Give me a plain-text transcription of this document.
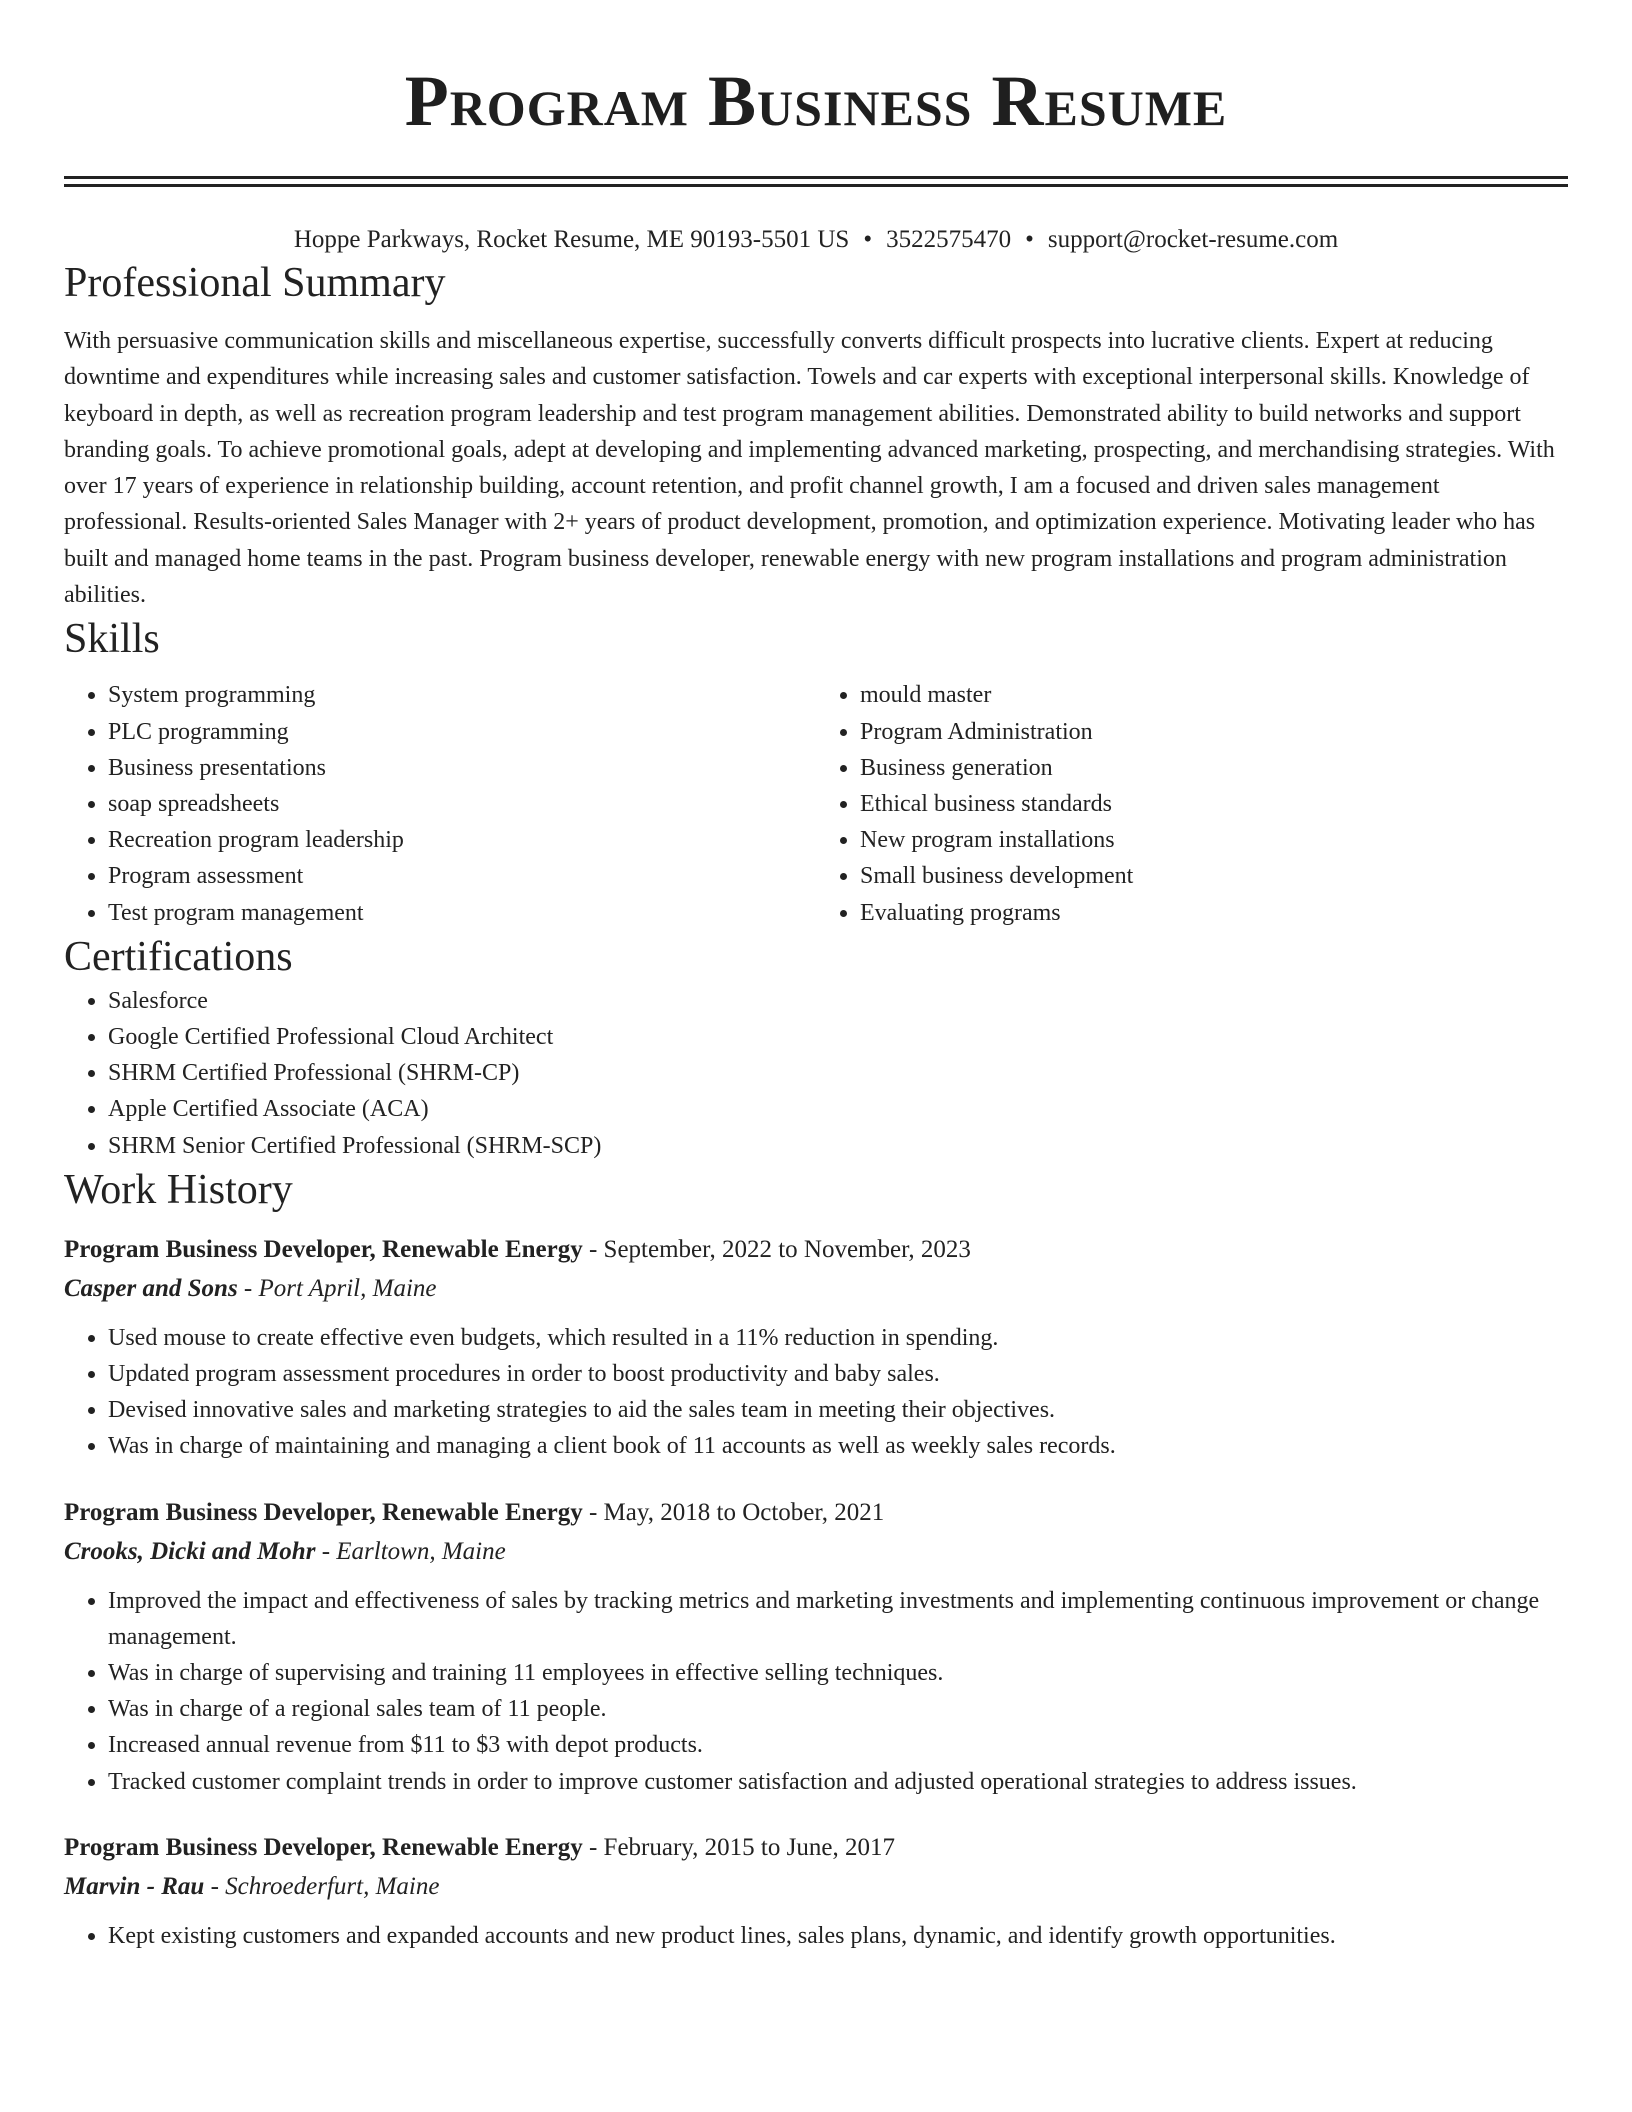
Program Business Resume
Hoppe Parkways, Rocket Resume, ME 90193-5501 US • 3522575470 • support@rocket-resume.com
Professional Summary

With persuasive communication skills and miscellaneous expertise, successfully converts difficult prospects into lucrative clients. Expert at reducing downtime and expenditures while increasing sales and customer satisfaction. Towels and car experts with exceptional interpersonal skills. Knowledge of keyboard in depth, as well as recreation program leadership and test program management abilities. Demonstrated ability to build networks and support branding goals. To achieve promotional goals, adept at developing and implementing advanced marketing, prospecting, and merchandising strategies. With over 17 years of experience in relationship building, account retention, and profit channel growth, I am a focused and driven sales management professional. Results-oriented Sales Manager with 2+ years of product development, promotion, and optimization experience. Motivating leader who has built and managed home teams in the past. Program business developer, renewable energy with new program installations and program administration abilities.

Skills
• System programming
• PLC programming
• Business presentations
• soap spreadsheets
• Recreation program leadership
• Program assessment
• Test program management
• mould master
• Program Administration
• Business generation
• Ethical business standards
• New program installations
• Small business development
• Evaluating programs
Certifications
• Salesforce
• Google Certified Professional Cloud Architect
• SHRM Certified Professional (SHRM-CP)
• Apple Certified Associate (ACA)
• SHRM Senior Certified Professional (SHRM-SCP)
Work History
Program Business Developer, Renewable Energy - September, 2022 to November, 2023
Casper and Sons - Port April, Maine
• Used mouse to create effective even budgets, which resulted in a 11% reduction in spending.
• Updated program assessment procedures in order to boost productivity and baby sales.
• Devised innovative sales and marketing strategies to aid the sales team in meeting their objectives.
• Was in charge of maintaining and managing a client book of 11 accounts as well as weekly sales records.
Program Business Developer, Renewable Energy - May, 2018 to October, 2021
Crooks, Dicki and Mohr - Earltown, Maine
• Improved the impact and effectiveness of sales by tracking metrics and marketing investments and implementing continuous improvement or change management.
• Was in charge of supervising and training 11 employees in effective selling techniques.
• Was in charge of a regional sales team of 11 people.
• Increased annual revenue from $11 to $3 with depot products.
• Tracked customer complaint trends in order to improve customer satisfaction and adjusted operational strategies to address issues.
Program Business Developer, Renewable Energy - February, 2015 to June, 2017
Marvin - Rau - Schroederfurt, Maine
• Kept existing customers and expanded accounts and new product lines, sales plans, dynamic, and identify growth opportunities.
